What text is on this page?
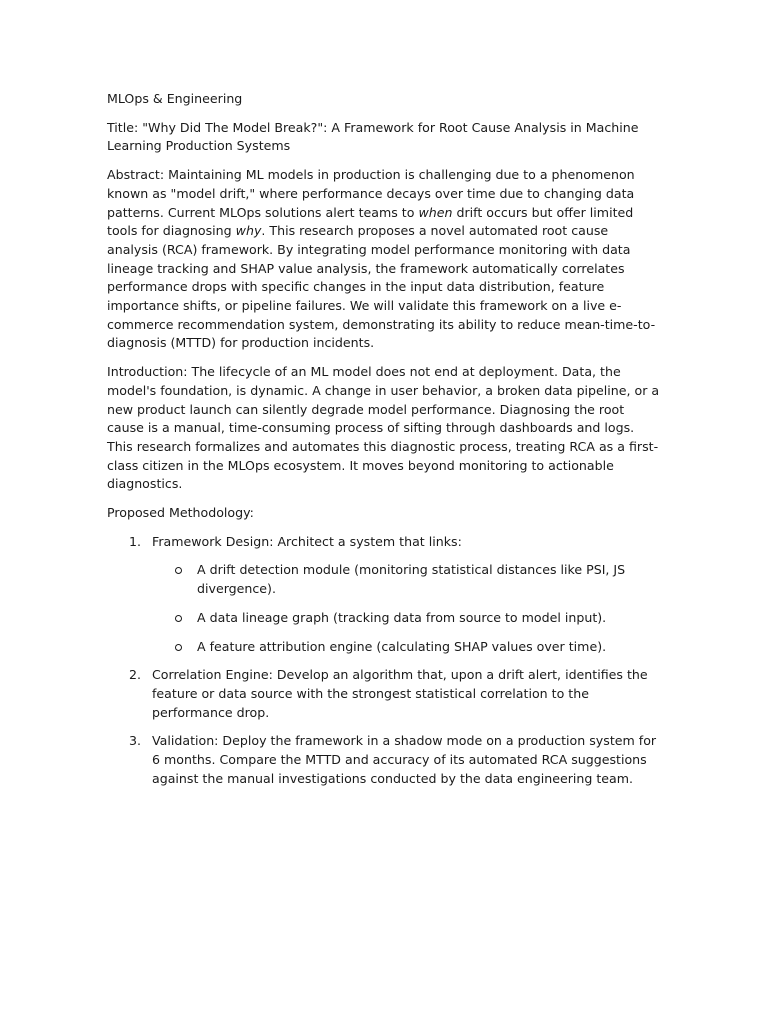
MLOps & Engineering

Title: "Why Did The Model Break?": A Framework for Root Cause Analysis in Machine Learning Production Systems

Abstract: Maintaining ML models in production is challenging due to a phenomenon known as "model drift," where performance decays over time due to changing data patterns. Current MLOps solutions alert teams to when drift occurs but offer limited tools for diagnosing why. This research proposes a novel automated root cause analysis (RCA) framework. By integrating model performance monitoring with data lineage tracking and SHAP value analysis, the framework automatically correlates performance drops with specific changes in the input data distribution, feature importance shifts, or pipeline failures. We will validate this framework on a live e-commerce recommendation system, demonstrating its ability to reduce mean-time-to-diagnosis (MTTD) for production incidents.

Introduction: The lifecycle of an ML model does not end at deployment. Data, the model's foundation, is dynamic. A change in user behavior, a broken data pipeline, or a new product launch can silently degrade model performance. Diagnosing the root cause is a manual, time-consuming process of sifting through dashboards and logs. This research formalizes and automates this diagnostic process, treating RCA as a first-class citizen in the MLOps ecosystem. It moves beyond monitoring to actionable diagnostics.

Proposed Methodology:

1. Framework Design: Architect a system that links:
A drift detection module (monitoring statistical distances like PSI, JS divergence).
A data lineage graph (tracking data from source to model input).
A feature attribution engine (calculating SHAP values over time).
2. Correlation Engine: Develop an algorithm that, upon a drift alert, identifies the feature or data source with the strongest statistical correlation to the performance drop.
3. Validation: Deploy the framework in a shadow mode on a production system for 6 months. Compare the MTTD and accuracy of its automated RCA suggestions against the manual investigations conducted by the data engineering team.
